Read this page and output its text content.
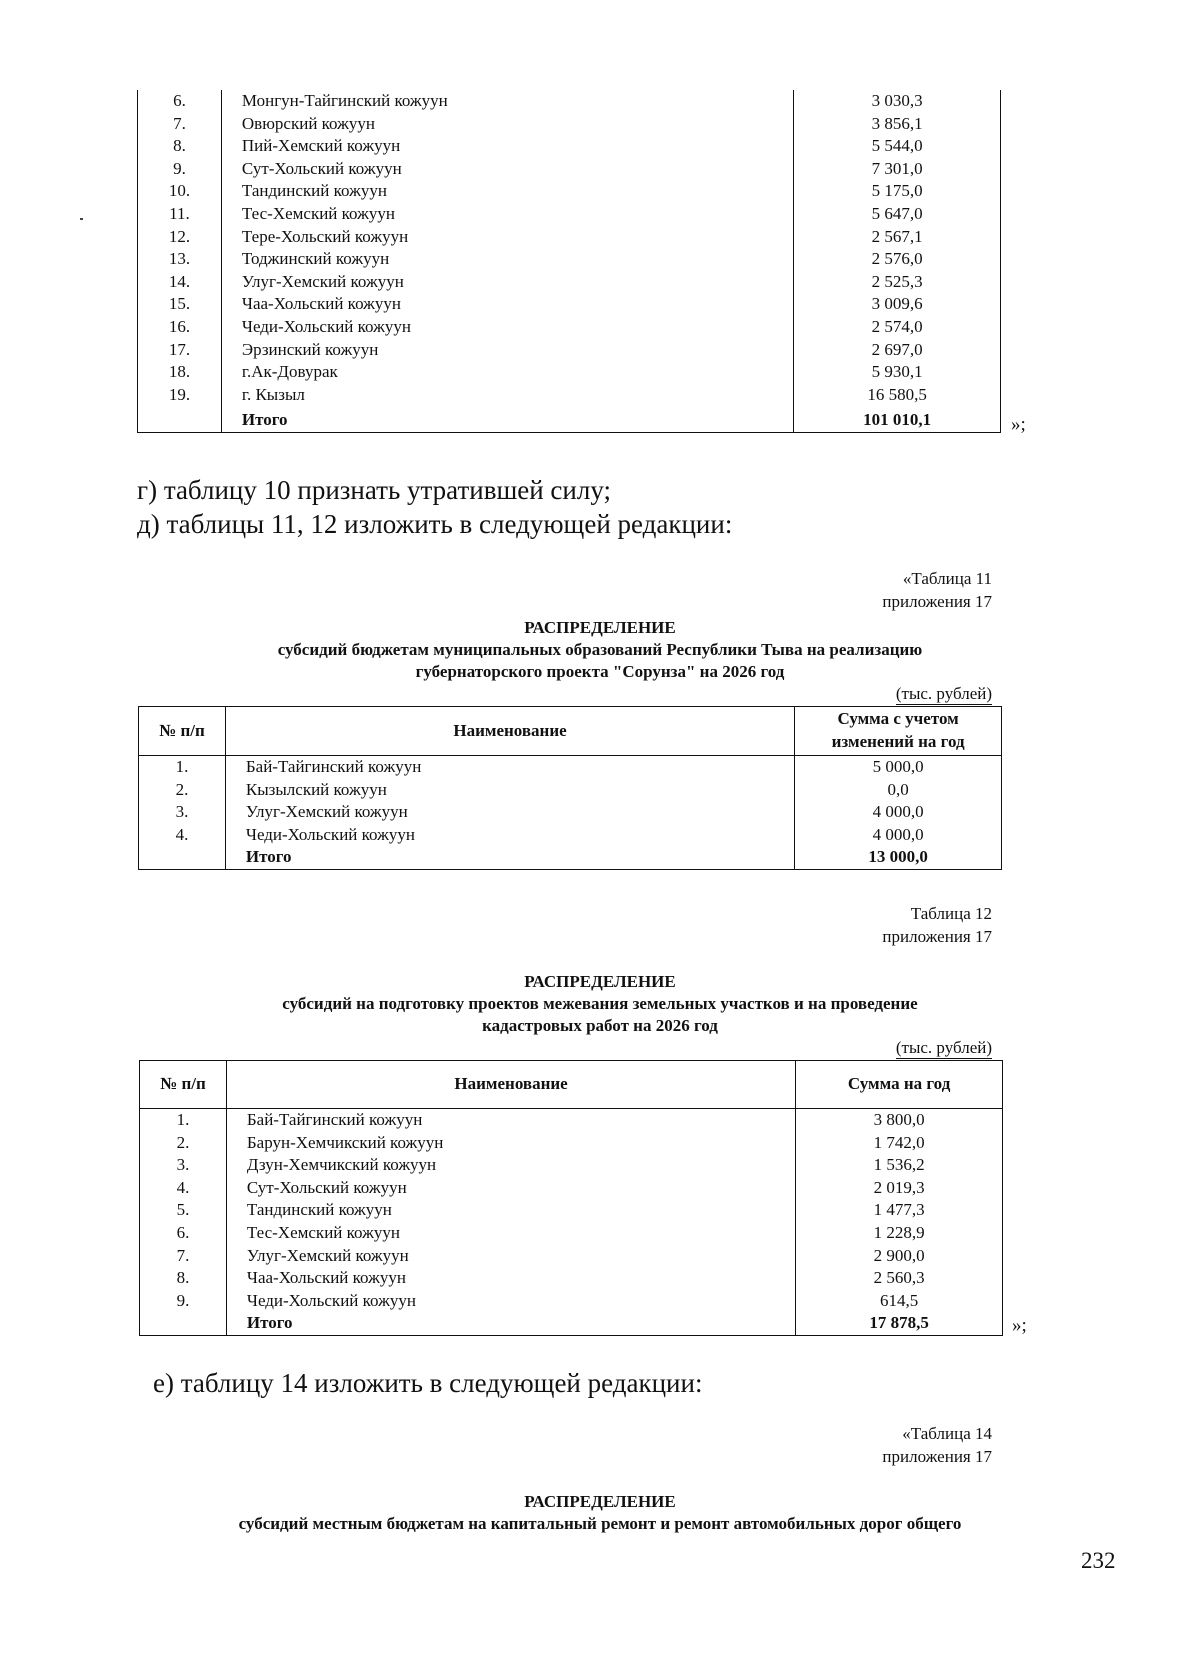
6.	Монгун-Тайгинский кожуун	3 030,3
7.	Овюрский кожуун	3 856,1
8.	Пий-Хемский кожуун	5 544,0
9.	Сут-Хольский кожуун	7 301,0
10.	Тандинский кожуун	5 175,0
11.	Тес-Хемский кожуун	5 647,0
12.	Тере-Хольский кожуун	2 567,1
13.	Тоджинский кожуун	2 576,0
14.	Улуг-Хемский кожуун	2 525,3
15.	Чаа-Хольский кожуун	3 009,6
16.	Чеди-Хольский кожуун	2 574,0
17.	Эрзинский кожуун	2 697,0
18.	г.Ак-Довурак	5 930,1
19.	г. Кызыл	16 580,5
	Итого	101 010,1	»;
г) таблицу 10 признать утратившей силу;
д) таблицы 11, 12 изложить в следующей редакции:
«Таблица 11
приложения 17
РАСПРЕДЕЛЕНИЕ
субсидий бюджетам муниципальных образований Республики Тыва на реализацию
губернаторского проекта "Сорунза" на 2026 год
(тыс. рублей)
№ п/п	Наименование	Сумма с учетом
изменений на год

1.	Бай-Тайгинский кожуун	5 000,0
2.	Кызылский кожуун	0,0
3.	Улуг-Хемский кожуун	4 000,0
4.	Чеди-Хольский кожуун	4 000,0
	Итого	13 000,0
Таблица 12
приложения 17
РАСПРЕДЕЛЕНИЕ
субсидий на подготовку проектов межевания земельных участков и на проведение
кадастровых работ на 2026 год
(тыс. рублей)
№ п/п	Наименование	Сумма на год
1.	Бай-Тайгинский кожуун	3 800,0
2.	Барун-Хемчикский кожуун	1 742,0
3.	Дзун-Хемчикский кожуун	1 536,2
4.	Сут-Хольский кожуун	2 019,3
5.	Тандинский кожуун	1 477,3
6.	Тес-Хемский кожуун	1 228,9
7.	Улуг-Хемский кожуун	2 900,0
8.	Чаа-Хольский кожуун	2 560,3
9.	Чеди-Хольский кожуун	614,5
	Итого	17 878,5	»;
е) таблицу 14 изложить в следующей редакции:
«Таблица 14
приложения 17
РАСПРЕДЕЛЕНИЕ
субсидий местным бюджетам на капитальный ремонт и ремонт автомобильных дорог общего
232
